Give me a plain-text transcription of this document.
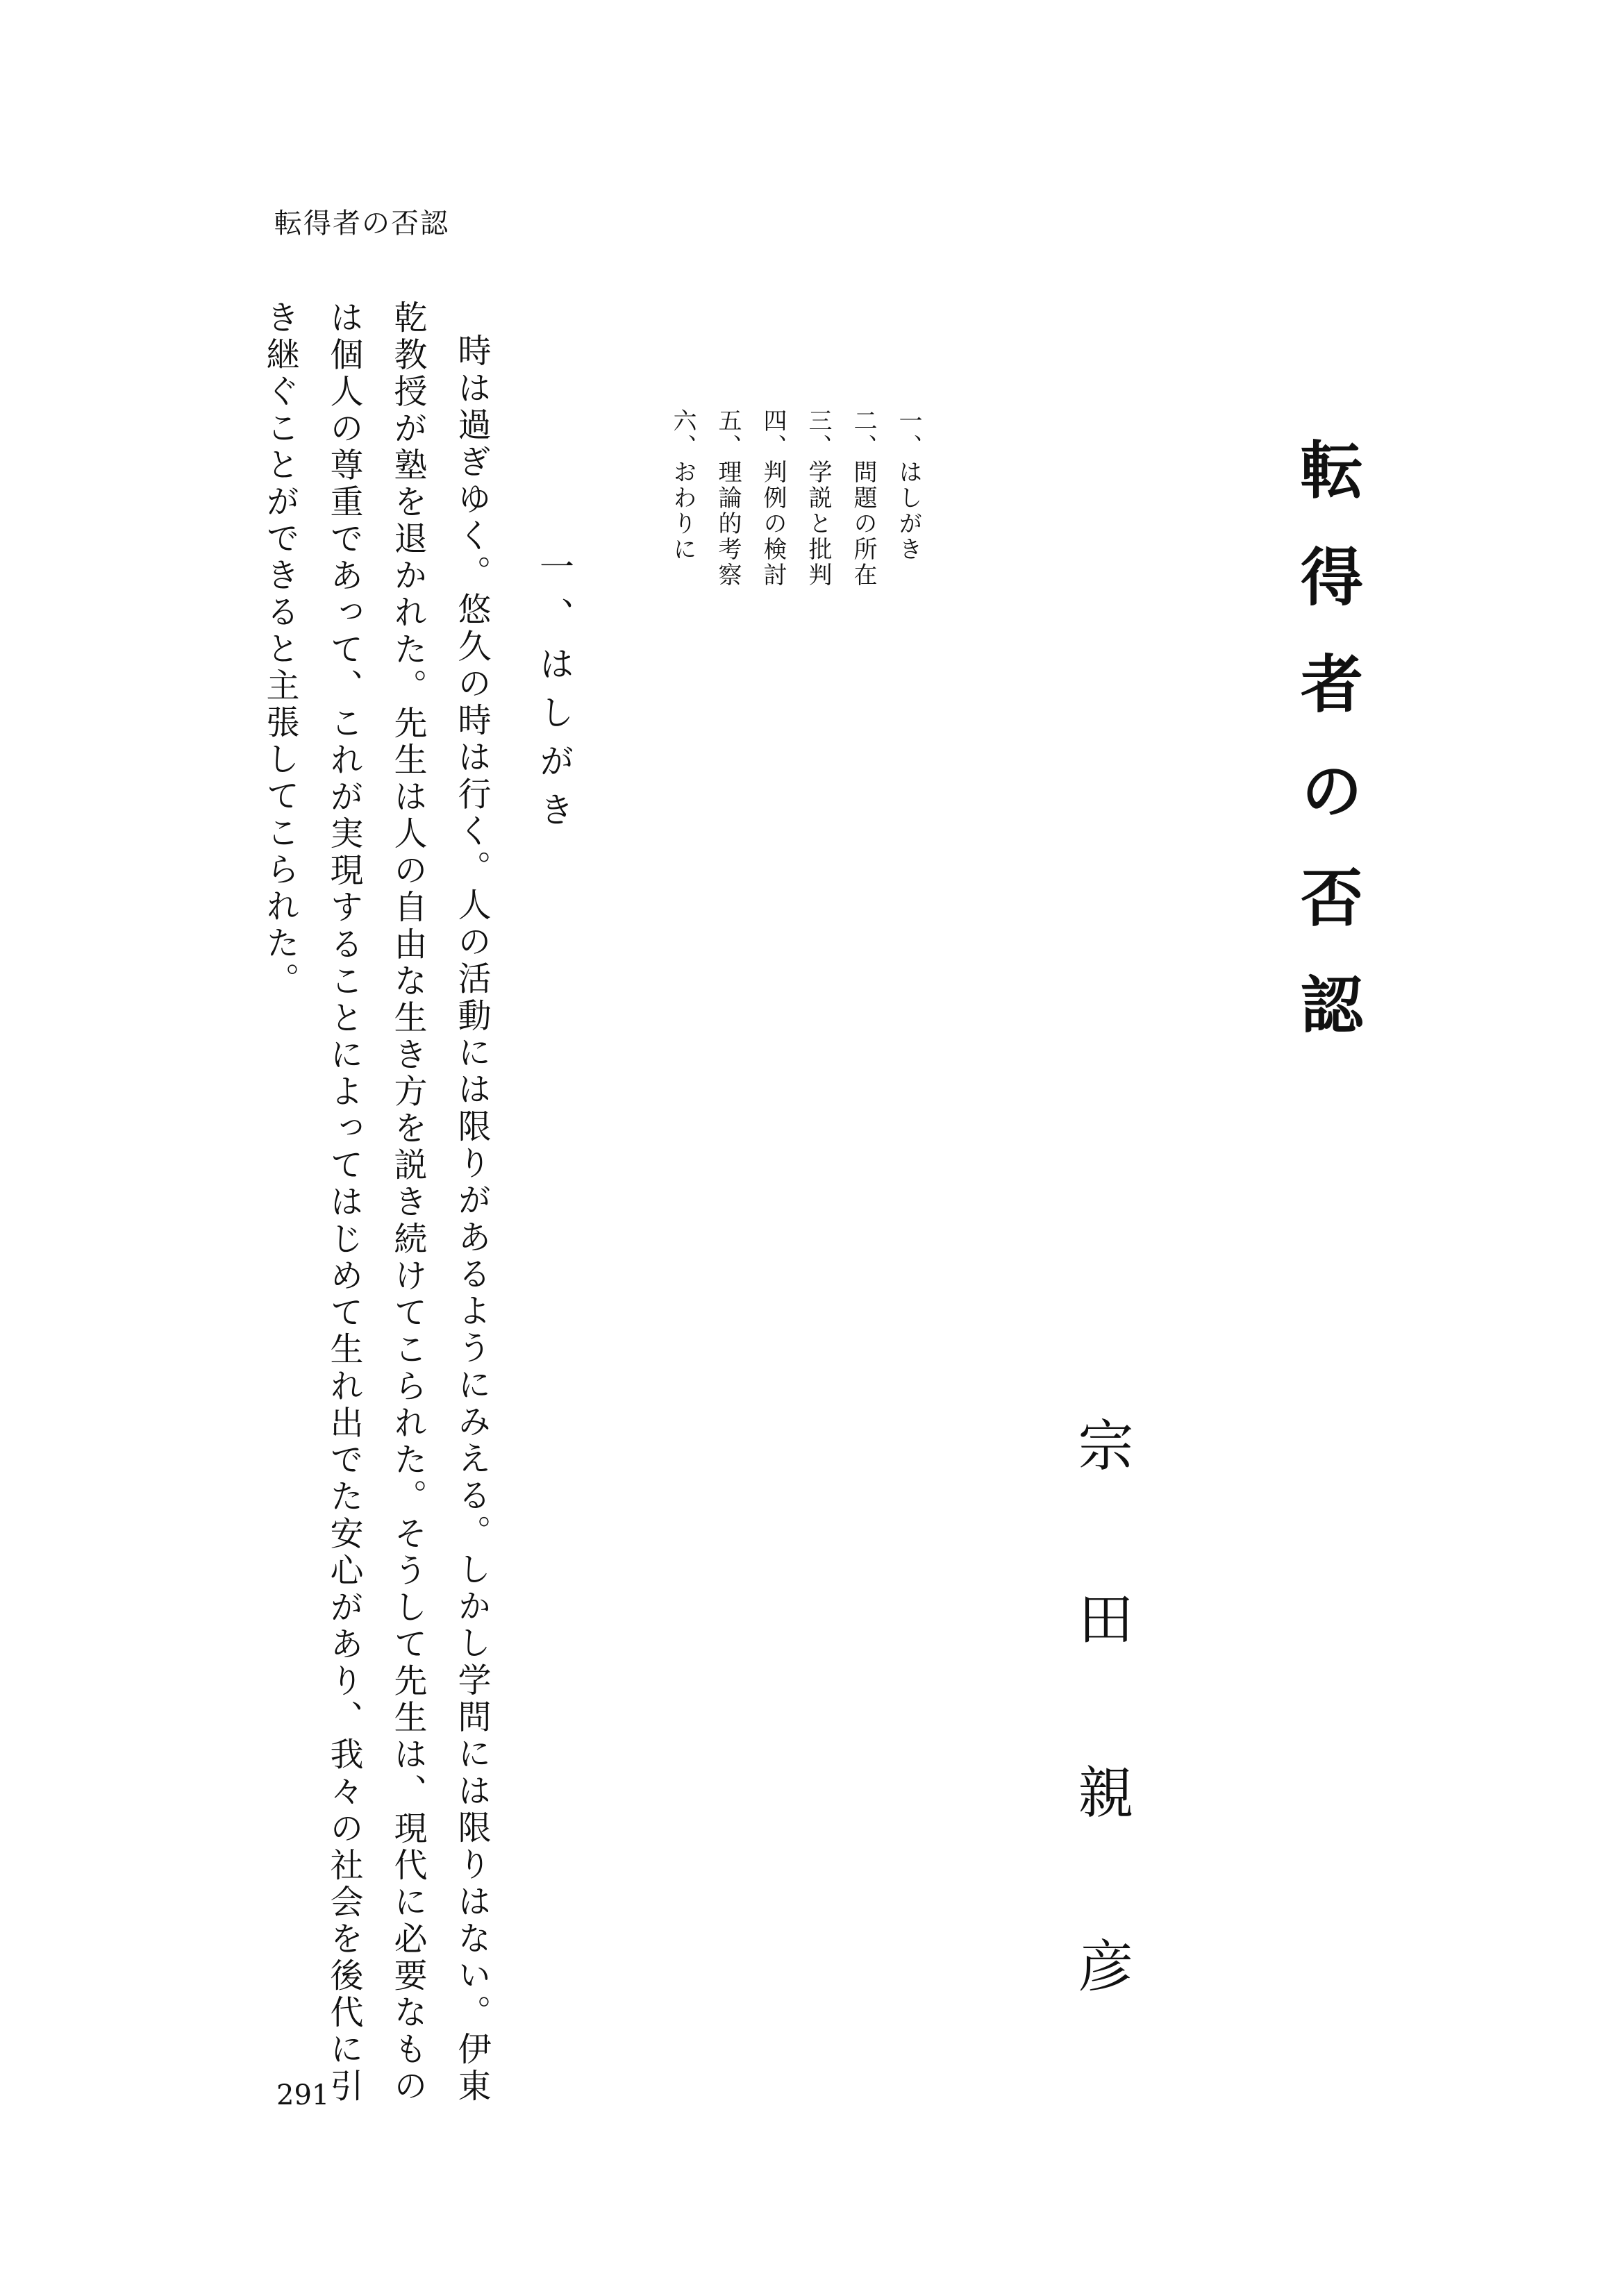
転得者の否認
転得者の否認
宗田親彦
一、はしがき
二、問題の所在
三、学説と批判
四、判例の検討
五、理論的考察
六、おわりに
一、はしがき

時は過ぎゆく。悠久の時は行く。人の活動には限りがあるようにみえる。しかし学問には限りはない。伊東乾教授が塾を退かれた。先生は人の自由な生き方を説き続けてこられた。そうして先生は、現代に必要なものは個人の尊重であって、これが実現することによってはじめて生れ出でた安心があり、我々の社会を後代に引き継ぐことができると主張してこられた。

291
